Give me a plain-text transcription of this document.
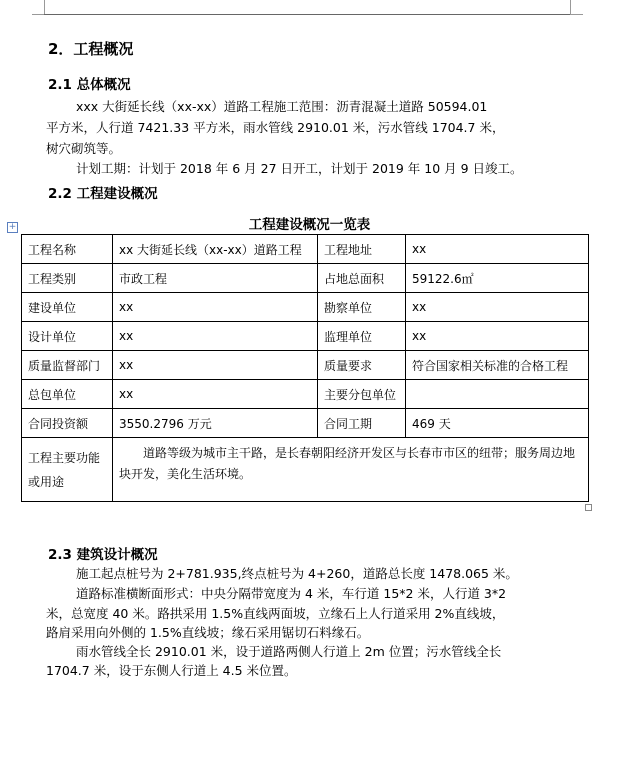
2．工程概况
2.1 总体概况
xxx 大街延长线（xx-xx）道路工程施工范围：沥青混凝土道路 50594.01
平方米，人行道 7421.33 平方米，雨水管线 2910.01 米，污水管线 1704.7 米，
树穴砌筑等。
计划工期：计划于 2018 年 6 月 27 日开工，计划于 2019 年 10 月 9 日竣工。
2.2 工程建设概况
+	工程建设概况一览表
工程名称	xx 大街延长线（xx-xx）道路工程	工程地址	xx
工程类别	市政工程	占地总面积	59122.6㎡
建设单位	xx	勘察单位	xx
设计单位	xx	监理单位	xx
质量监督部门	xx	质量要求	符合国家相关标准的合格工程
总包单位	xx	主要分包单位	
合同投资额	3550.2796 万元	合同工期	469 天

工程主要功能
或用途	道路等级为城市主干路，是长春朝阳经济开发区与长春市市区的纽带；服务周边地块开发，美化生活环境。		
2.3 建筑设计概况
施工起点桩号为 2+781.935,终点桩号为 4+260，道路总长度 1478.065 米。
道路标准横断面形式：中央分隔带宽度为 4 米，车行道 15*2 米，人行道 3*2
米，总宽度 40 米。路拱采用 1.5%直线两面坡，立缘石上人行道采用 2%直线坡，
路肩采用向外侧的 1.5%直线坡；缘石采用锯切石料缘石。
雨水管线全长 2910.01 米，设于道路两侧人行道上 2m 位置；污水管线全长
1704.7 米，设于东侧人行道上 4.5 米位置。
